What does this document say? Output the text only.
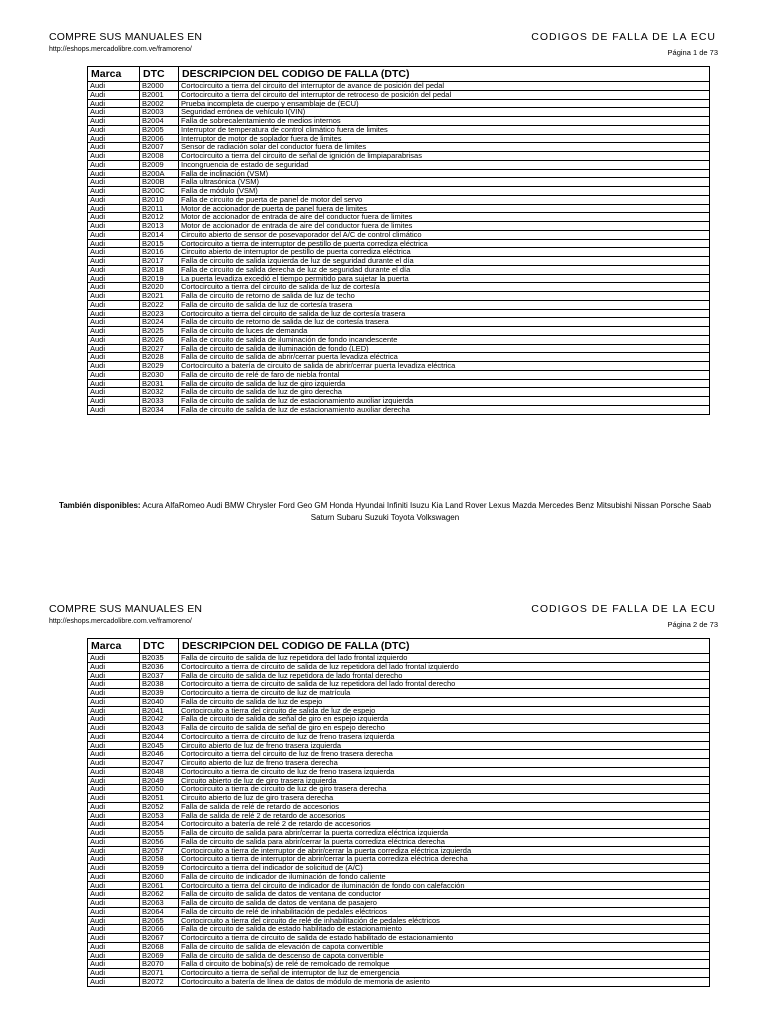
COMPRE SUS MANUALES EN
http://eshops.mercadolibre.com.ve/framoreno/
CODIGOS DE FALLA DE LA ECU
Página 1 de 73
Marca	DTC	DESCRIPCION DEL CODIGO DE FALLA (DTC)
Audi	B2000	Cortocircuito a tierra del circuito del interruptor de avance de posición del pedal
Audi	B2001	Cortocircuito a tierra del circuito del interruptor de retroceso de posición del pedal
Audi	B2002	Prueba incompleta de cuerpo y ensamblaje de (ECU)
Audi	B2003	Seguridad errónea de vehículo I(VIN)
Audi	B2004	Falla de sobrecalentamiento de medios internos
Audi	B2005	Interruptor de temperatura de control climático fuera de limites
Audi	B2006	Interruptor de motor de soplador fuera de limites
Audi	B2007	Sensor de radiación solar del conductor fuera de limites
Audi	B2008	Cortocircuito a tierra del circuito de señal de ignición de limpiaparabrisas
Audi	B2009	Incongruencia de estado de seguridad
Audi	B200A	Falla de inclinación (VSM)
Audi	B200B	Falla ultrasónica (VSM)
Audi	B200C	Falla de módulo (VSM)
Audi	B2010	Falla de circuito de puerta de panel de motor del servo
Audi	B2011	Motor de accionador de puerta de panel fuera de limites
Audi	B2012	Motor de accionador de entrada de aire del conductor fuera de limites
Audi	B2013	Motor de accionador de entrada de aire del conductor fuera de limites
Audi	B2014	Circuito abierto de sensor de posevaporador del A/C de control climático
Audi	B2015	Cortocircuito a tierra de interruptor de pestillo de puerta corrediza eléctrica
Audi	B2016	Circuito abierto de interruptor de pestillo de puerta corrediza eléctrica
Audi	B2017	Falla de circuito de salida izquierda de luz de seguridad durante el día
Audi	B2018	Falla de circuito de salida derecha de luz de seguridad durante el día
Audi	B2019	La puerta levadiza excedió el tiempo permitido para sujetar la puerta
Audi	B2020	Cortocircuito a tierra del circuito de salida de luz de cortesía
Audi	B2021	Falla de circuito de retorno de salida de luz de techo
Audi	B2022	Falla de circuito de salida de luz de cortesía trasera
Audi	B2023	Cortocircuito a tierra del circuito de salida de luz de cortesía trasera
Audi	B2024	Falla de circuito de retorno de salida de luz de cortesía trasera
Audi	B2025	Falla de circuito de luces de demanda
Audi	B2026	Falla de circuito de salida de iluminación de fondo incandescente
Audi	B2027	Falla de circuito de salida de iluminación de fondo (LED)
Audi	B2028	Falla de circuito de salida de abrir/cerrar puerta levadiza eléctrica
Audi	B2029	Cortocircuito a batería de circuito de salida de abrir/cerrar puerta levadiza eléctrica
Audi	B2030	Falla de circuito de relé de faro de niebla frontal
Audi	B2031	Falla de circuito de salida de luz de giro izquierda
Audi	B2032	Falla de circuito de salida de luz de giro derecha
Audi	B2033	Falla de circuito de salida de luz de estacionamiento auxiliar izquierda
Audi	B2034	Falla de circuito de salida de luz de estacionamiento auxiliar derecha
También disponibles: Acura AlfaRomeo Audi BMW Chrysler Ford Geo GM Honda Hyundai Infiniti Isuzu Kia Land Rover Lexus Mazda Mercedes Benz Mitsubishi Nissan Porsche Saab Saturn Subaru Suzuki Toyota Volkswagen
COMPRE SUS MANUALES EN
http://eshops.mercadolibre.com.ve/framoreno/
CODIGOS DE FALLA DE LA ECU
Página 2 de 73
Marca	DTC	DESCRIPCION DEL CODIGO DE FALLA (DTC)
Audi	B2035	Falla de circuito de salida de luz repetidora del lado frontal izquierdo
Audi	B2036	Cortocircuito a tierra de circuito de salida de luz repetidora del lado frontal izquierdo
Audi	B2037	Falla de circuito de salida de luz repetidora de lado frontal derecho
Audi	B2038	Cortocircuito a tierra de circuito de salida de luz repetidora del lado frontal derecho
Audi	B2039	Cortocircuito a tierra de circuito de luz de matrícula
Audi	B2040	Falla de circuito de salida de luz de espejo
Audi	B2041	Cortocircuito a tierra del circuito de salida de luz de espejo
Audi	B2042	Falla de circuito de salida de señal de giro en espejo izquierda
Audi	B2043	Falla de circuito de salida de señal de giro en espejo derecho
Audi	B2044	Cortocircuito a tierra de circuito de luz de freno trasera izquierda
Audi	B2045	Circuito abierto de luz de freno trasera izquierda
Audi	B2046	Cortocircuito a tierra del circuito de luz de freno trasera derecha
Audi	B2047	Circuito abierto de luz de freno trasera derecha
Audi	B2048	Cortocircuito a tierra de circuito de luz de freno trasera izquierda
Audi	B2049	Circuito abierto de luz de giro trasera izquierda
Audi	B2050	Cortocircuito a tierra de circuito de luz de giro trasera derecha
Audi	B2051	Circuito abierto de luz de giro trasera derecha
Audi	B2052	Falla de salida de relé de retardo de accesorios
Audi	B2053	Falla de salida de relé 2 de retardo de accesorios
Audi	B2054	Cortocircuito a batería de relé 2 de retardo de accesorios
Audi	B2055	Falla de circuito de salida para abrir/cerrar la puerta corrediza eléctrica izquierda
Audi	B2056	Falla de circuito de salida para abrir/cerrar la puerta corrediza eléctrica derecha
Audi	B2057	Cortocircuito a tierra de interruptor de abrir/cerrar la puerta corrediza eléctrica izquierda
Audi	B2058	Cortocircuito a tierra de interruptor de abrir/cerrar la puerta corrediza eléctrica derecha
Audi	B2059	Cortocircuito a tierra del indicador de solicitud de (A/C)
Audi	B2060	Falla de circuito de indicador de iluminación de fondo caliente
Audi	B2061	Cortocircuito a tierra del circuito de indicador de iluminación de fondo con calefacción
Audi	B2062	Falla de circuito de salida de datos de ventana de conductor
Audi	B2063	Falla de circuito de salida de datos de ventana de pasajero
Audi	B2064	Falla de circuito de relé de inhabilitación de pedales eléctricos
Audi	B2065	Cortocircuito a tierra del circuito de relé de inhabilitación de pedales eléctricos
Audi	B2066	Falla de circuito de salida de estado habilitado de estacionamiento
Audi	B2067	Cortocircuito a tierra de circuito de salida de estado habilitado de estacionamiento
Audi	B2068	Falla de circuito de salida de elevación de capota convertible
Audi	B2069	Falla de circuito de salida de descenso de capota convertible
Audi	B2070	Falla d circuito de bobina(s) de relé de remolcado de remolque
Audi	B2071	Cortocircuito a tierra de señal de interruptor de luz de emergencia
Audi	B2072	Cortocircuito a batería de línea de datos de módulo de memoria de asiento
